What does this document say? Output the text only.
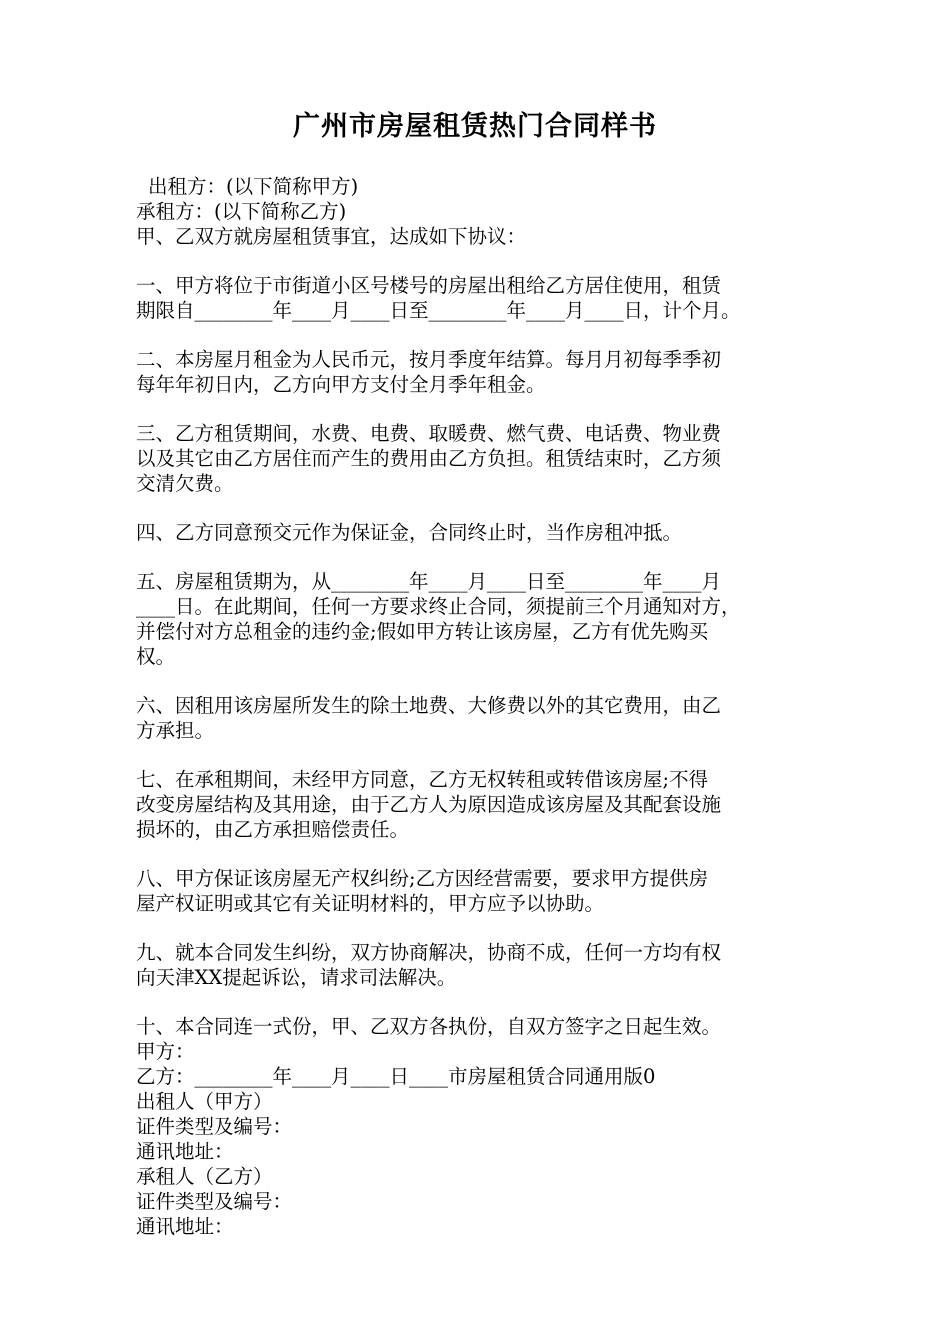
广州市房屋租赁热门合同样书
出租方：(以下简称甲方)
承租方：(以下简称乙方)
甲、乙双方就房屋租赁事宜，达成如下协议：
一、甲方将位于市街道小区号楼号的房屋出租给乙方居住使用，租赁
期限自________年____月____日至________年____月____日，计个月。
二、本房屋月租金为人民币元，按月季度年结算。每月月初每季季初
每年年初日内，乙方向甲方支付全月季年租金。
三、乙方租赁期间，水费、电费、取暖费、燃气费、电话费、物业费
以及其它由乙方居住而产生的费用由乙方负担。租赁结束时，乙方须
交清欠费。
四、乙方同意预交元作为保证金，合同终止时，当作房租冲抵。
五、房屋租赁期为，从________年____月____日至________年____月
____日。在此期间，任何一方要求终止合同，须提前三个月通知对方，
并偿付对方总租金的违约金;假如甲方转让该房屋，乙方有优先购买
权。
六、因租用该房屋所发生的除土地费、大修费以外的其它费用，由乙
方承担。
七、在承租期间，未经甲方同意，乙方无权转租或转借该房屋;不得
改变房屋结构及其用途，由于乙方人为原因造成该房屋及其配套设施
损坏的，由乙方承担赔偿责任。
八、甲方保证该房屋无产权纠纷;乙方因经营需要，要求甲方提供房
屋产权证明或其它有关证明材料的，甲方应予以协助。
九、就本合同发生纠纷，双方协商解决，协商不成，任何一方均有权
向天津XX提起诉讼，请求司法解决。
十、本合同连一式份，甲、乙双方各执份，自双方签字之日起生效。
甲方：
乙方：________年____月____日____市房屋租赁合同通用版0
出租人（甲方）
证件类型及编号：
通讯地址：
承租人（乙方）
证件类型及编号：
通讯地址：
